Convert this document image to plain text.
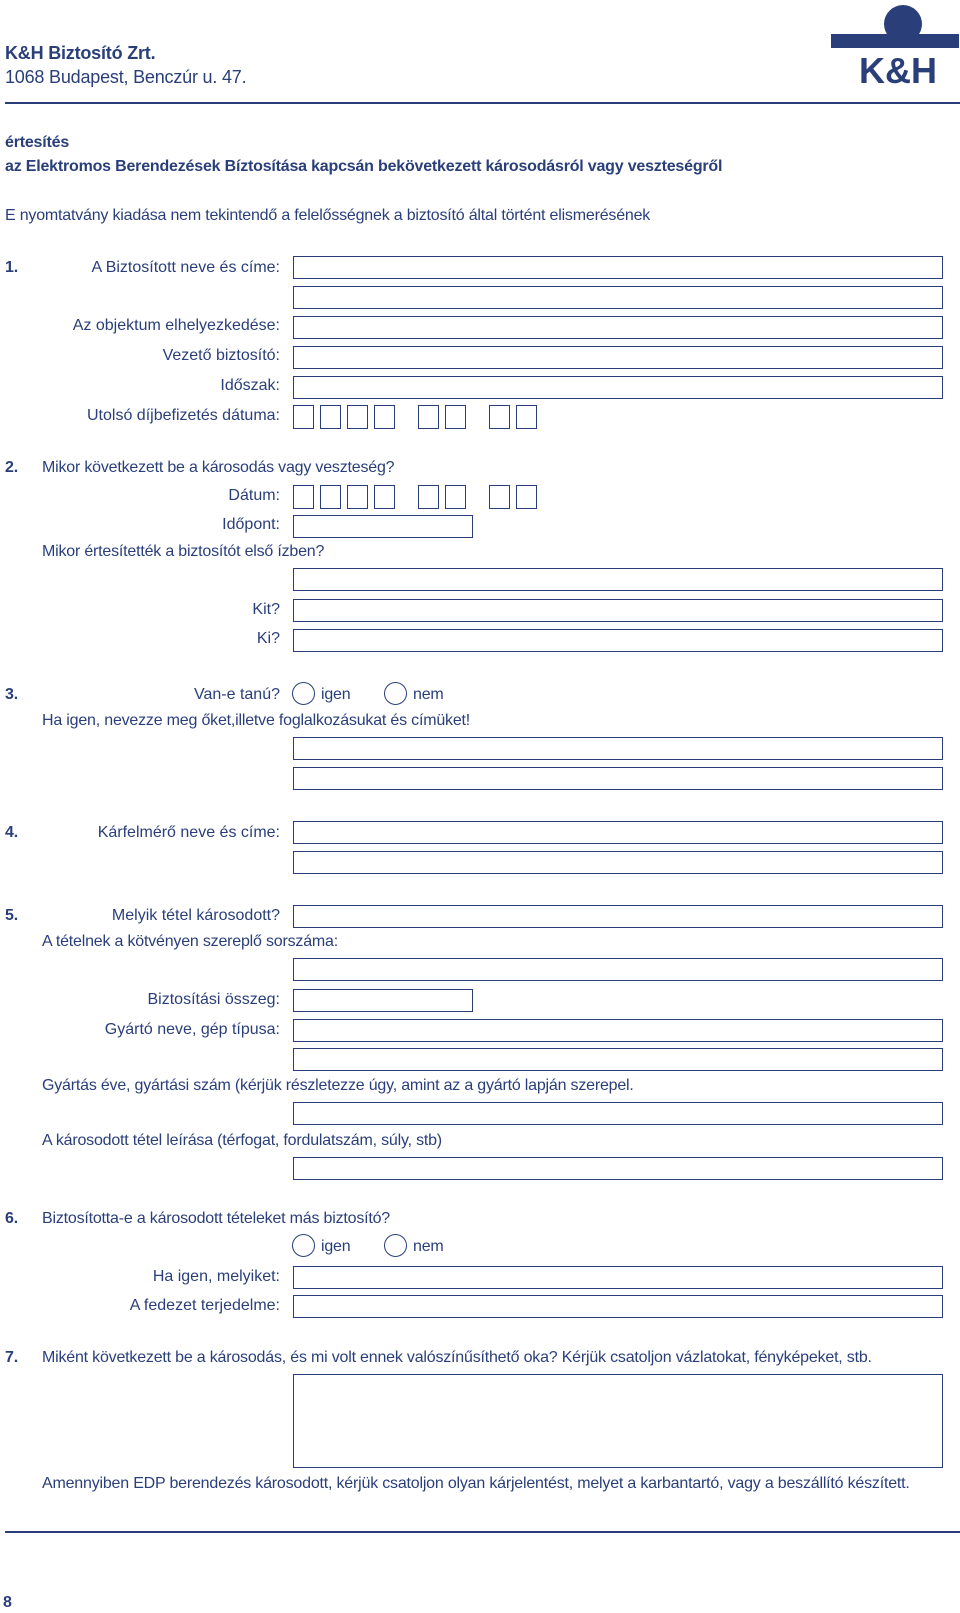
K&H Biztosító Zrt.
1068 Budapest, Benczúr u. 47.	K&H
értesítés
az Elektromos Berendezések Bíztosítása kapcsán bekövetkezett károsodásról vagy veszteségről
E nyomtatvány kiadása nem tekintendő a felelősségnek a biztosító által történt elismerésének
1.	A Biztosított neve és címe:
Az objektum elhelyezkedése:
Vezető biztosító:
Időszak:
Utolsó díjbefizetés dátuma:
2. Mikor következett be a károsodás vagy veszteség?
Dátum:
Időpont:
Mikor értesítették a biztosítót első ízben?
Kit?
Ki?
3.	Van-e tanú?	igen	nem
Ha igen, nevezze meg őket,illetve foglalkozásukat és címüket!
4.	Kárfelmérő neve és címe:
5.	Melyik tétel károsodott?
A tételnek a kötvényen szereplő sorszáma:
Biztosítási összeg:
Gyártó neve, gép típusa:
Gyártás éve, gyártási szám (kérjük részletezze úgy, amint az a gyártó lapján szerepel.
A károsodott tétel leírása (térfogat, fordulatszám, súly, stb)
6. Biztosította-e a károsodott tételeket más biztosító?
igen	nem
Ha igen, melyiket:
A fedezet terjedelme:
7. Miként következett be a károsodás, és mi volt ennek valószínűsíthető oka? Kérjük csatoljon vázlatokat, fényképeket, stb.
Amennyiben EDP berendezés károsodott, kérjük csatoljon olyan kárjelentést, melyet a karbantartó, vagy a beszállító készített.
8
